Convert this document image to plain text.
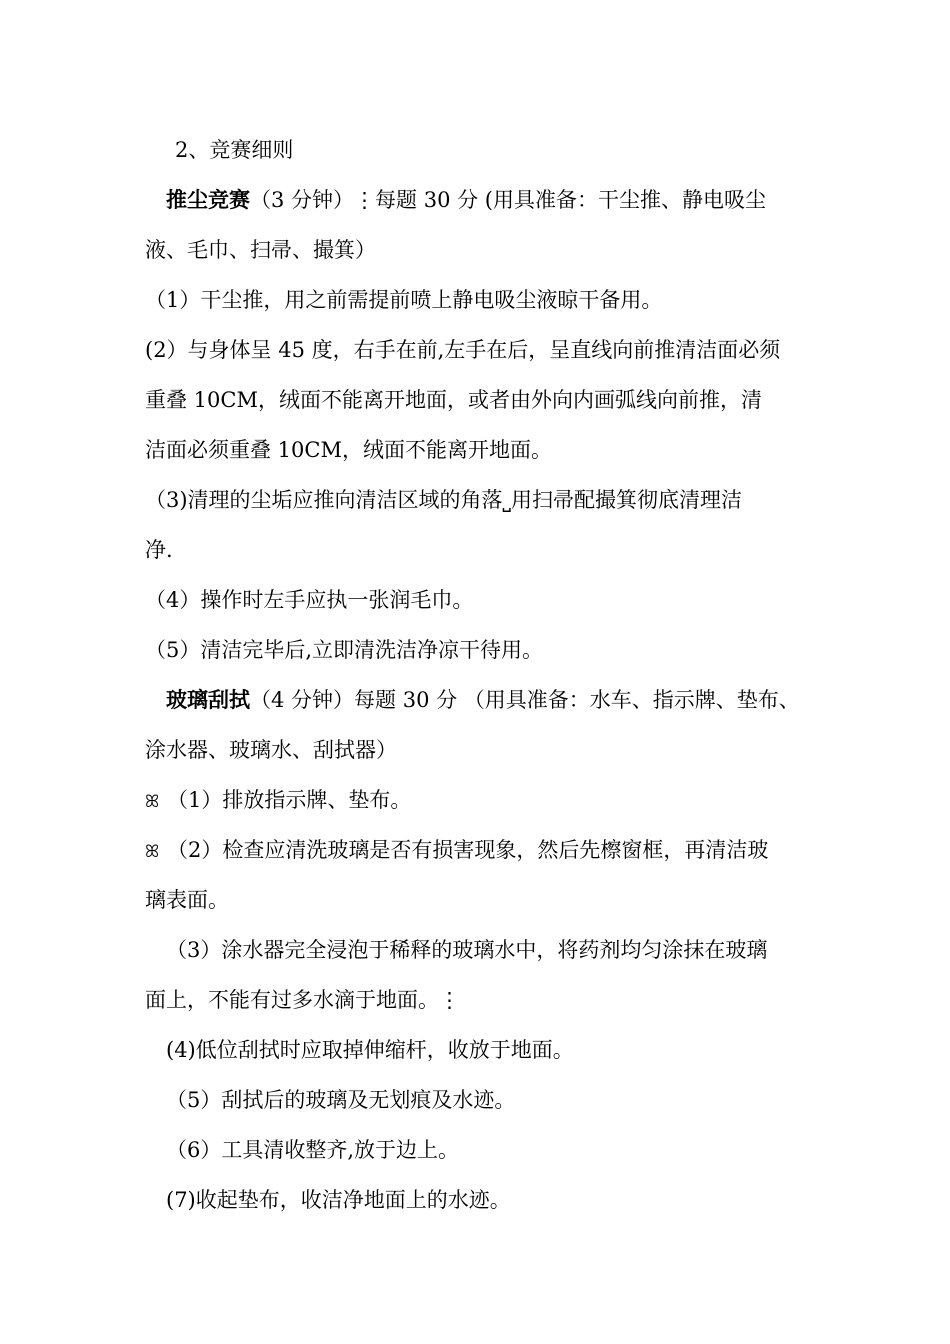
2、竞赛细则
推尘竞赛（3 分钟）⋮每题 30 分 (用具准备：干尘推、静电吸尘
液、毛巾、扫帚、撮箕）
（1）干尘推，用之前需提前喷上静电吸尘液晾干备用。
(2）与身体呈 45 度，右手在前,左手在后，呈直线向前推清洁面必须
重叠 10CM，绒面不能离开地面，或者由外向内画弧线向前推，清
洁面必须重叠 10CM，绒面不能离开地面。
（3)清理的尘垢应推向清洁区域的角落⎵用扫帚配撮箕彻底清理洁
净.
（4）操作时左手应执一张润毛巾。
（5）清洁完毕后,立即清洗洁净凉干待用。
玻璃刮拭（4 分钟）每题 30 分 （用具准备：水车、指示牌、垫布、
涂水器、玻璃水、刮拭器）
ꕤ （1）排放指示牌、垫布。
ꕤ （2）检查应清洗玻璃是否有损害现象，然后先檫窗框，再清洁玻
璃表面。
（3）涂水器完全浸泡于稀释的玻璃水中，将药剂均匀涂抹在玻璃
面上，不能有过多水滴于地面。⋮
(4)低位刮拭时应取掉伸缩杆，收放于地面。
（5）刮拭后的玻璃及无划痕及水迹。
（6）工具清收整齐,放于边上。
(7)收起垫布，收洁净地面上的水迹。
